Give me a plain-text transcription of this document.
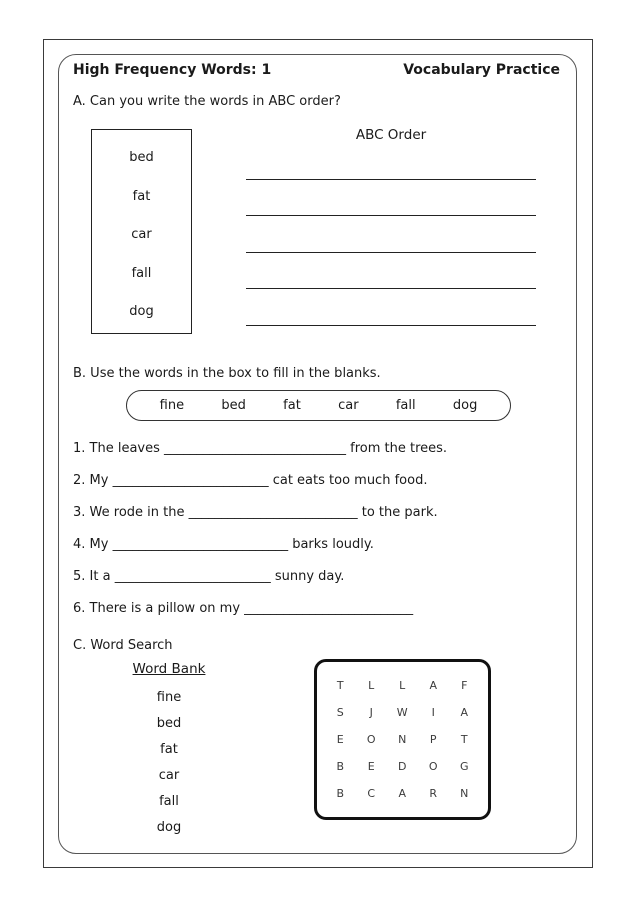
High Frequency Words: 1	Vocabulary Practice
A. Can you write the words in ABC order?
bed
fat
car
fall
dog
ABC Order
B. Use the words in the box to fill in the blanks.
fine	bed	fat	car	fall	dog
1. The leaves ____________________________ from the trees.
2. My ________________________ cat eats too much food.
3. We rode in the __________________________ to the park.
4. My ___________________________ barks loudly.
5. It a ________________________ sunny day.
6. There is a pillow on my __________________________
C. Word Search
Word Bank
fine
bed
fat
car
fall
dog
T L L A F
S J W I A
E O N P T
B E D O G
B C A R N
